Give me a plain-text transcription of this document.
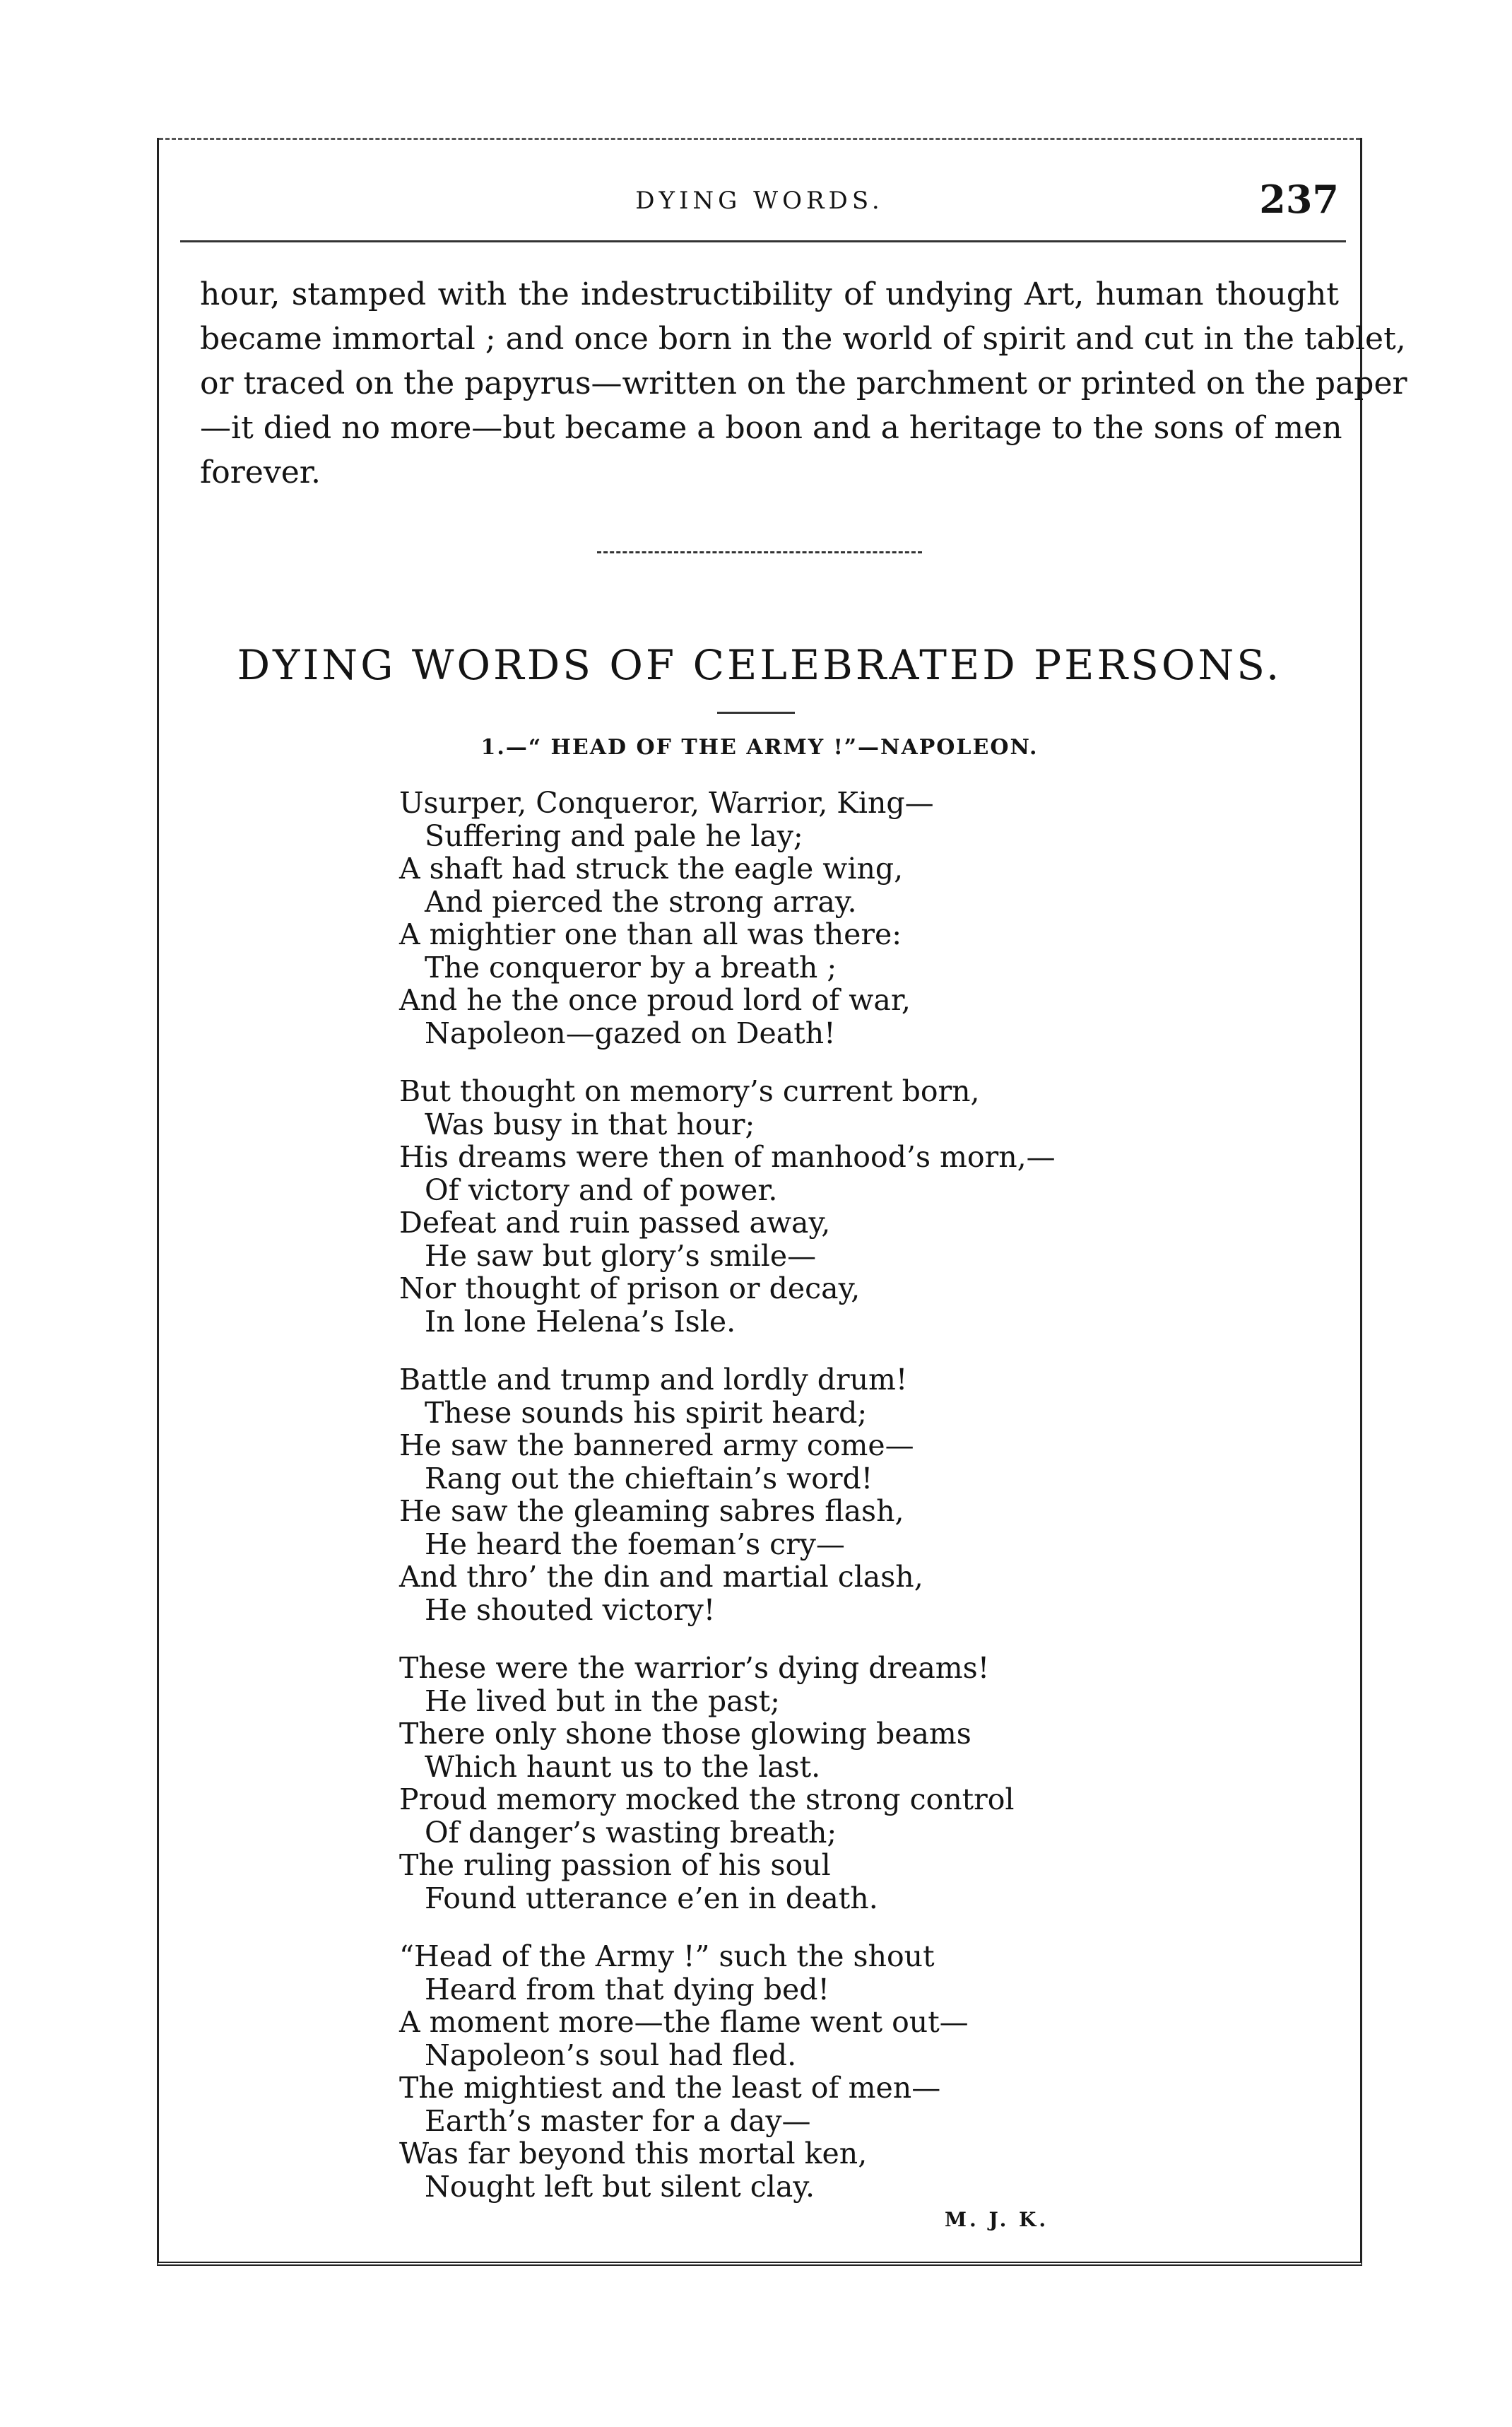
DYING WORDS.	237
hour, stamped with the indestructibility of undying Art, human thought
became immortal ; and once born in the world of spirit and cut in the tablet,
or traced on the papyrus—written on the parchment or printed on the paper
—it died no more—but became a boon and a heritage to the sons of men
forever.
DYING WORDS OF CELEBRATED PERSONS.
1.—“ HEAD OF THE ARMY !”—NAPOLEON.
Usurper, Conqueror, Warrior, King—
Suffering and pale he lay;
A shaft had struck the eagle wing,
And pierced the strong array.
A mightier one than all was there:
The conqueror by a breath ;
And he the once proud lord of war,
Napoleon—gazed on Death!
But thought on memory’s current born,
Was busy in that hour;
His dreams were then of manhood’s morn,—
Of victory and of power.
Defeat and ruin passed away,
He saw but glory’s smile—
Nor thought of prison or decay,
In lone Helena’s Isle.
Battle and trump and lordly drum!
These sounds his spirit heard;
He saw the bannered army come—
Rang out the chieftain’s word!
He saw the gleaming sabres flash,
He heard the foeman’s cry—
And thro’ the din and martial clash,
He shouted victory!
These were the warrior’s dying dreams!
He lived but in the past;
There only shone those glowing beams
Which haunt us to the last.
Proud memory mocked the strong control
Of danger’s wasting breath;
The ruling passion of his soul
Found utterance e’en in death.
“Head of the Army !” such the shout
Heard from that dying bed!
A moment more—the flame went out—
Napoleon’s soul had fled.
The mightiest and the least of men—
Earth’s master for a day—
Was far beyond this mortal ken,
Nought left but silent clay.
M. J. K.
